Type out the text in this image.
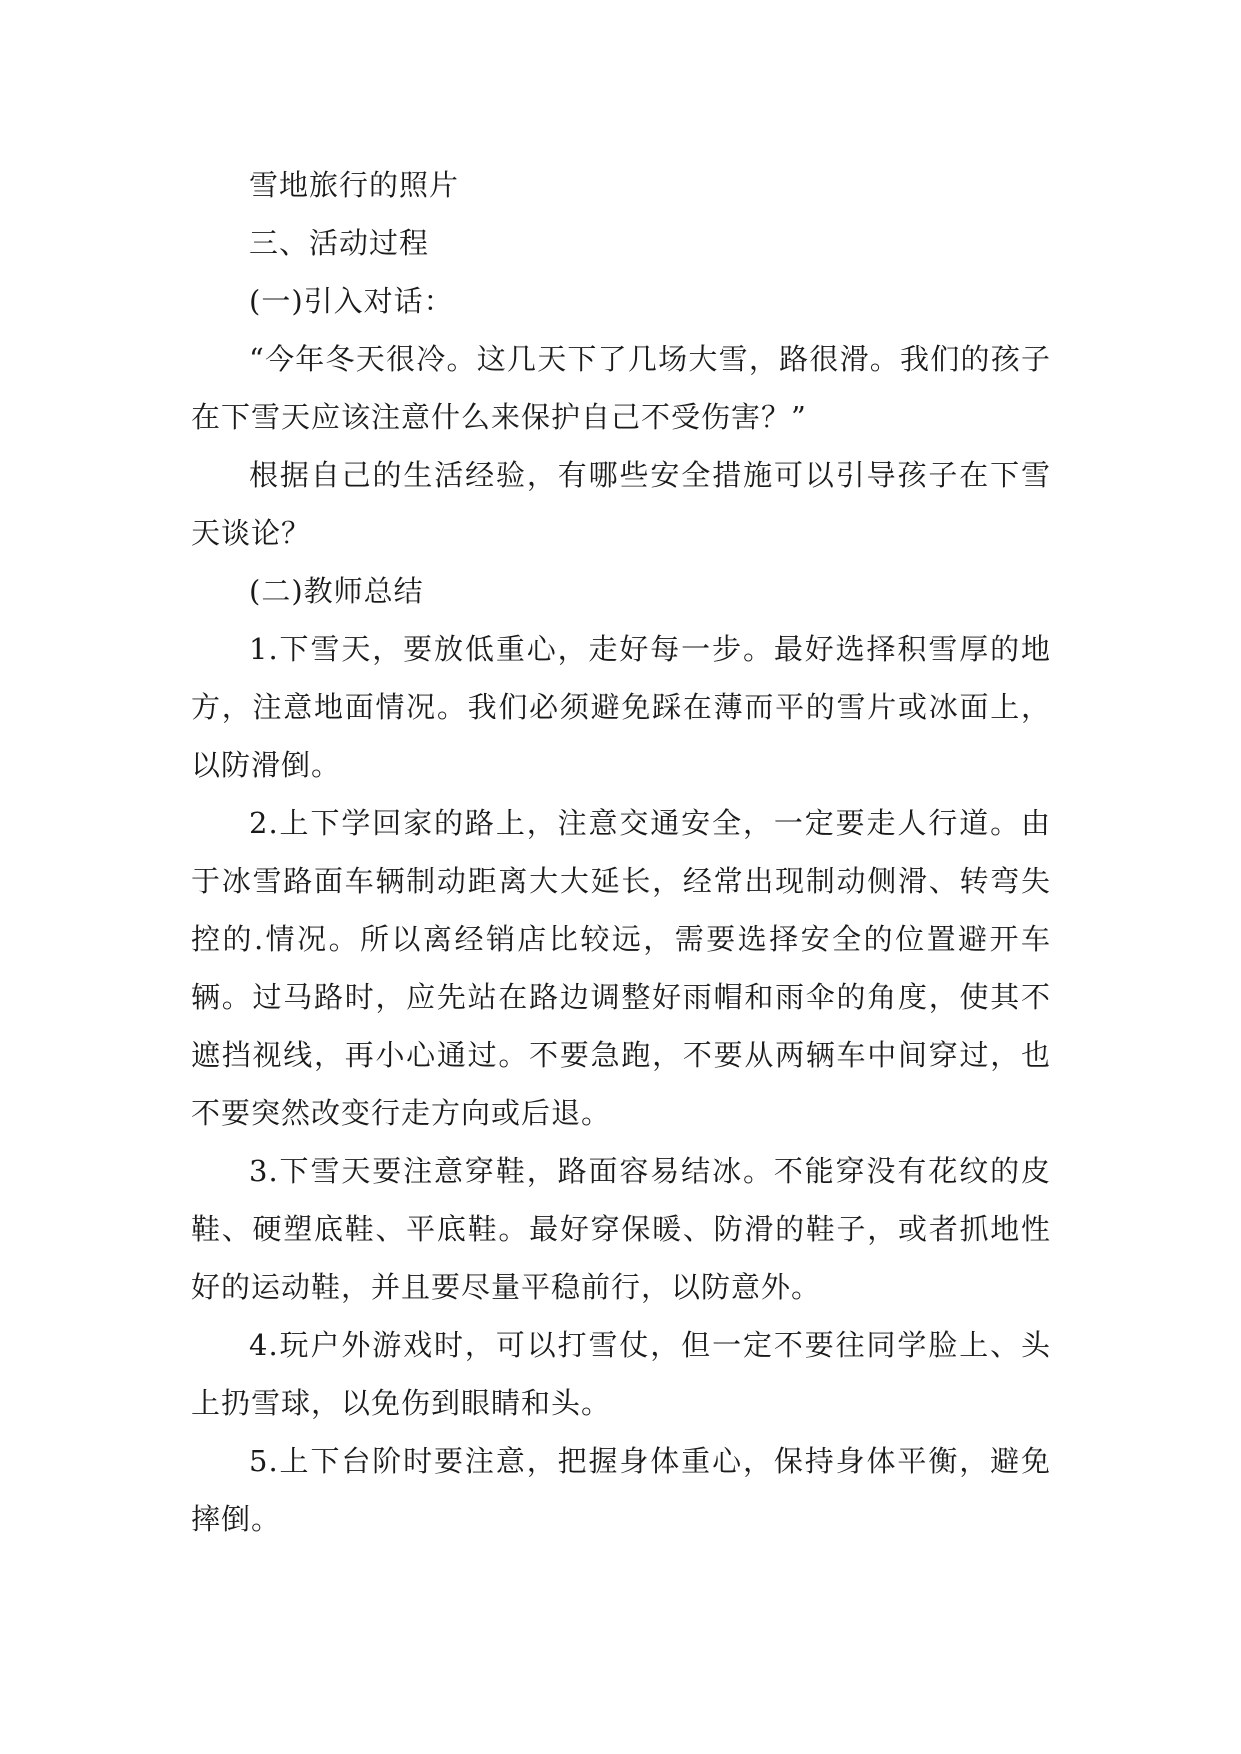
雪地旅行的照片

三、活动过程

(一)引入对话：

“今年冬天很冷。这几天下了几场大雪，路很滑。我们的孩子在下雪天应该注意什么来保护自己不受伤害？”

根据自己的生活经验，有哪些安全措施可以引导孩子在下雪天谈论？

(二)教师总结

1.下雪天，要放低重心，走好每一步。最好选择积雪厚的地方，注意地面情况。我们必须避免踩在薄而平的雪片或冰面上，以防滑倒。

2.上下学回家的路上，注意交通安全，一定要走人行道。由于冰雪路面车辆制动距离大大延长，经常出现制动侧滑、转弯失控的.情况。所以离经销店比较远，需要选择安全的位置避开车辆。过马路时，应先站在路边调整好雨帽和雨伞的角度，使其不遮挡视线，再小心通过。不要急跑，不要从两辆车中间穿过，也不要突然改变行走方向或后退。

3.下雪天要注意穿鞋，路面容易结冰。不能穿没有花纹的皮鞋、硬塑底鞋、平底鞋。最好穿保暖、防滑的鞋子，或者抓地性好的运动鞋，并且要尽量平稳前行，以防意外。

4.玩户外游戏时，可以打雪仗，但一定不要往同学脸上、头上扔雪球，以免伤到眼睛和头。

5.上下台阶时要注意，把握身体重心，保持身体平衡，避免摔倒。
